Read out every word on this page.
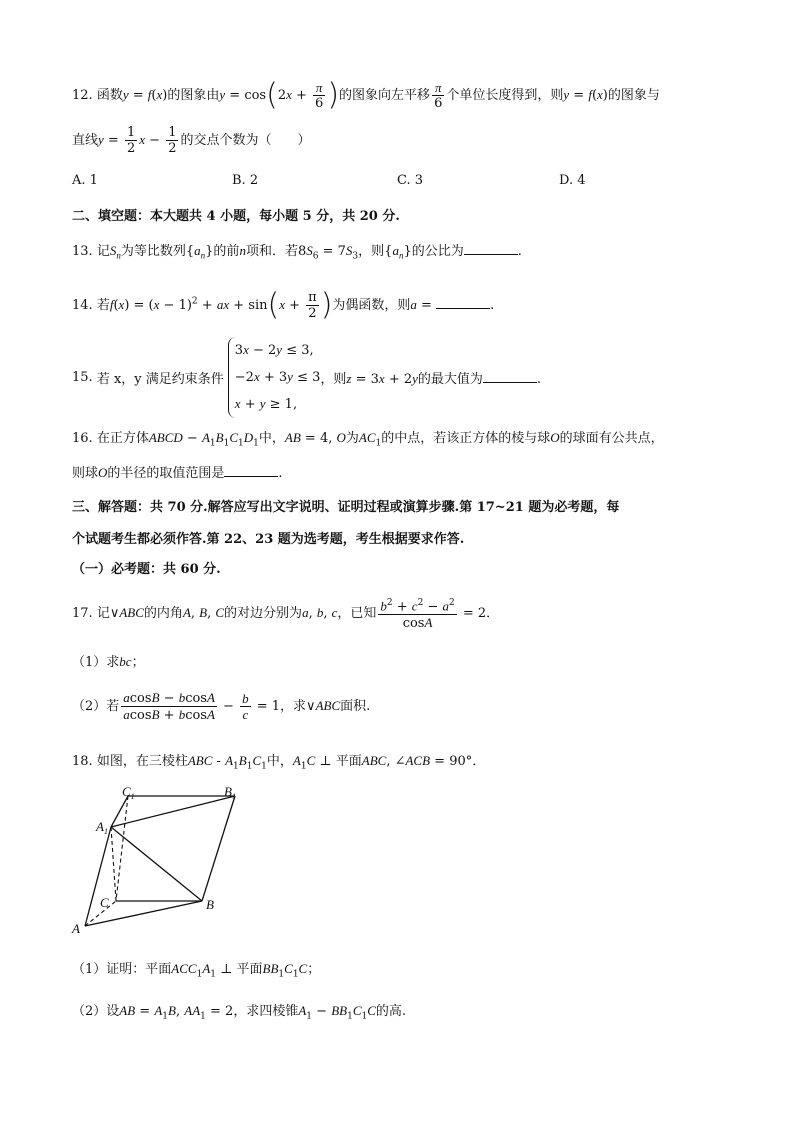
12. 函数y = f(x)的图象由$y = \cos(2x + \frac{\pi}{6}$ )的图象向左平移 $\frac{\pi}{6}$ 个单位长度得到，则y = f(x)的图象与
直线$y = \frac{1}{2}$ $x - \frac{1}{2}$ 的交点个数为（　　）
A. 1	B. 2	C. 3	D. 4
二、填空题：本大题共 4 小题，每小题 5 分，共 20 分.
13. 记$S_n$为等比数列$\{a_n\}$的前n项和．若$8S_6 = 7S_3$，则$\{a_n\}$的公比为	.
14. 若$f(x) = (x - 1)^2$ + ax + $\sin(x + \frac{\pi}{2}$ )为偶函数，则a =	.
15. 若 x，y 满足约束条件
3x − 2y ≤ 3,
−2x + 3y ≤ 3
x + y ≥ 1,
，则z = 3x + 2y的最大值为	.
16. 在正方体ABCD − $A_1B_1C_1D_1$中，AB = 4, O为$AC_1$的中点，若该正方体的棱与球O的球面有公共点，
则球O的半径的取值范围是	.
三、解答题：共 70 分.解答应写出文字说明、证明过程或演算步骤.第 17~21 题为必考题，每
个试题考生都必须作答.第 22、23 题为选考题，考生根据要求作答.
（一）必考题：共 60 分.
17. 记∨ABC的内角A, B, C的对边分别为a, b, c，已知 $\frac{b^2 + c^2 - a^2}{\cos A} = 2$．
（1）求bc；
（2）若 $\frac{acosB - bcosA}{acosB + bcosA} - \frac{b}{c} = 1$，求∨ABC面积.
18. 如图，在三棱柱ABC - $A_1B_1C_1$中，$A_1C$ ⊥ 平面ABC, ∠ACB = 90°．
$C_1$	$B_1$
$A_1$
C	B
A
（1）证明：平面$ACC_1A_1$ ⊥ 平面$BB_1C_1C$；
（2）设AB = $A_1B$, $AA_1 = 2$，求四棱锥$A_1 - BB_1C_1C$的高.
